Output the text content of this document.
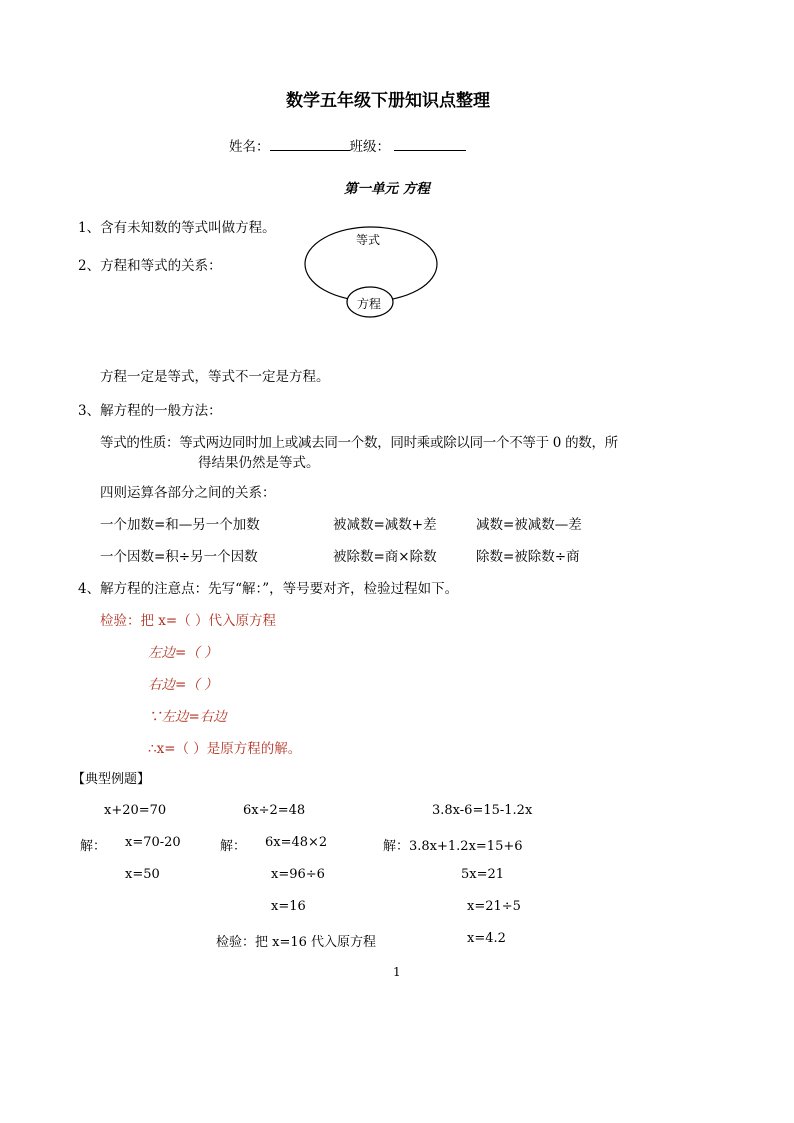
数学五年级下册知识点整理
姓名：	班级：
第一单元 方程
1、含有未知数的等式叫做方程。
2、方程和等式的关系：
等式
方程
方程一定是等式，等式不一定是方程。
3、解方程的一般方法：
等式的性质：等式两边同时加上或减去同一个数，同时乘或除以同一个不等于 0 的数，所
得结果仍然是等式。
四则运算各部分之间的关系：
一个加数=和—另一个加数	被减数=减数+差	减数=被减数—差
一个因数=积÷另一个因数	被除数=商×除数	除数=被除数÷商
4、解方程的注意点：先写“解：”，等号要对齐，检验过程如下。
检验：把 x=（ ）代入原方程
左边=（ ）
右边=（ ）
∵左边=右边
∴x=（ ）是原方程的解。
【典型例题】
x+20=70
解： x=70-20
x=50
6x÷2=48
解： 6x=48×2
x=96÷6
x=16
检验：把 x=16 代入原方程
3.8x-6=15-1.2x
解：3.8x+1.2x=15+6
5x=21
x=21÷5
x=4.2
1
